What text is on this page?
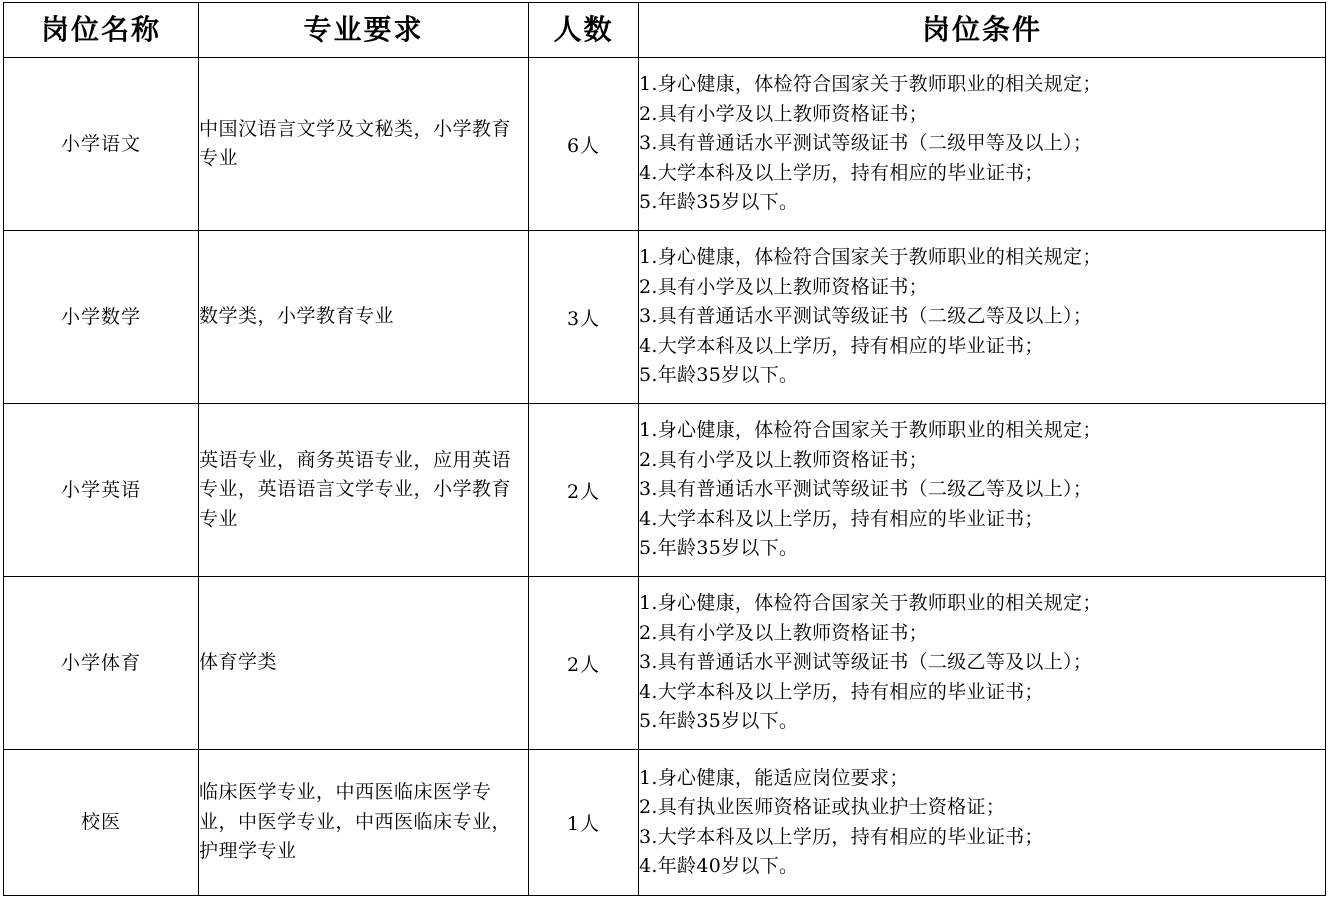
岗位名称	专业要求	人数	岗位条件
小学语文	中国汉语言文学及文秘类，小学教育专业	6人	1.身心健康，体检符合国家关于教师职业的相关规定；
2.具有小学及以上教师资格证书；
3.具有普通话水平测试等级证书（二级甲等及以上）；
4.大学本科及以上学历，持有相应的毕业证书；
5.年龄35岁以下。

小学数学	数学类，小学教育专业	3人	1.身心健康，体检符合国家关于教师职业的相关规定；
2.具有小学及以上教师资格证书；
3.具有普通话水平测试等级证书（二级乙等及以上）；
4.大学本科及以上学历，持有相应的毕业证书；
5.年龄35岁以下。

小学英语	英语专业，商务英语专业，应用英语专业，英语语言文学专业，小学教育专业	2人	1.身心健康，体检符合国家关于教师职业的相关规定；
2.具有小学及以上教师资格证书；
3.具有普通话水平测试等级证书（二级乙等及以上）；
4.大学本科及以上学历，持有相应的毕业证书；
5.年龄35岁以下。

小学体育	体育学类	2人	1.身心健康，体检符合国家关于教师职业的相关规定；
2.具有小学及以上教师资格证书；
3.具有普通话水平测试等级证书（二级乙等及以上）；
4.大学本科及以上学历，持有相应的毕业证书；
5.年龄35岁以下。

校医	临床医学专业，中西医临床医学专业，中医学专业，中西医临床专业，护理学专业	1人	1.身心健康，能适应岗位要求；
2.具有执业医师资格证或执业护士资格证；
3.大学本科及以上学历，持有相应的毕业证书；
4.年龄40岁以下。
